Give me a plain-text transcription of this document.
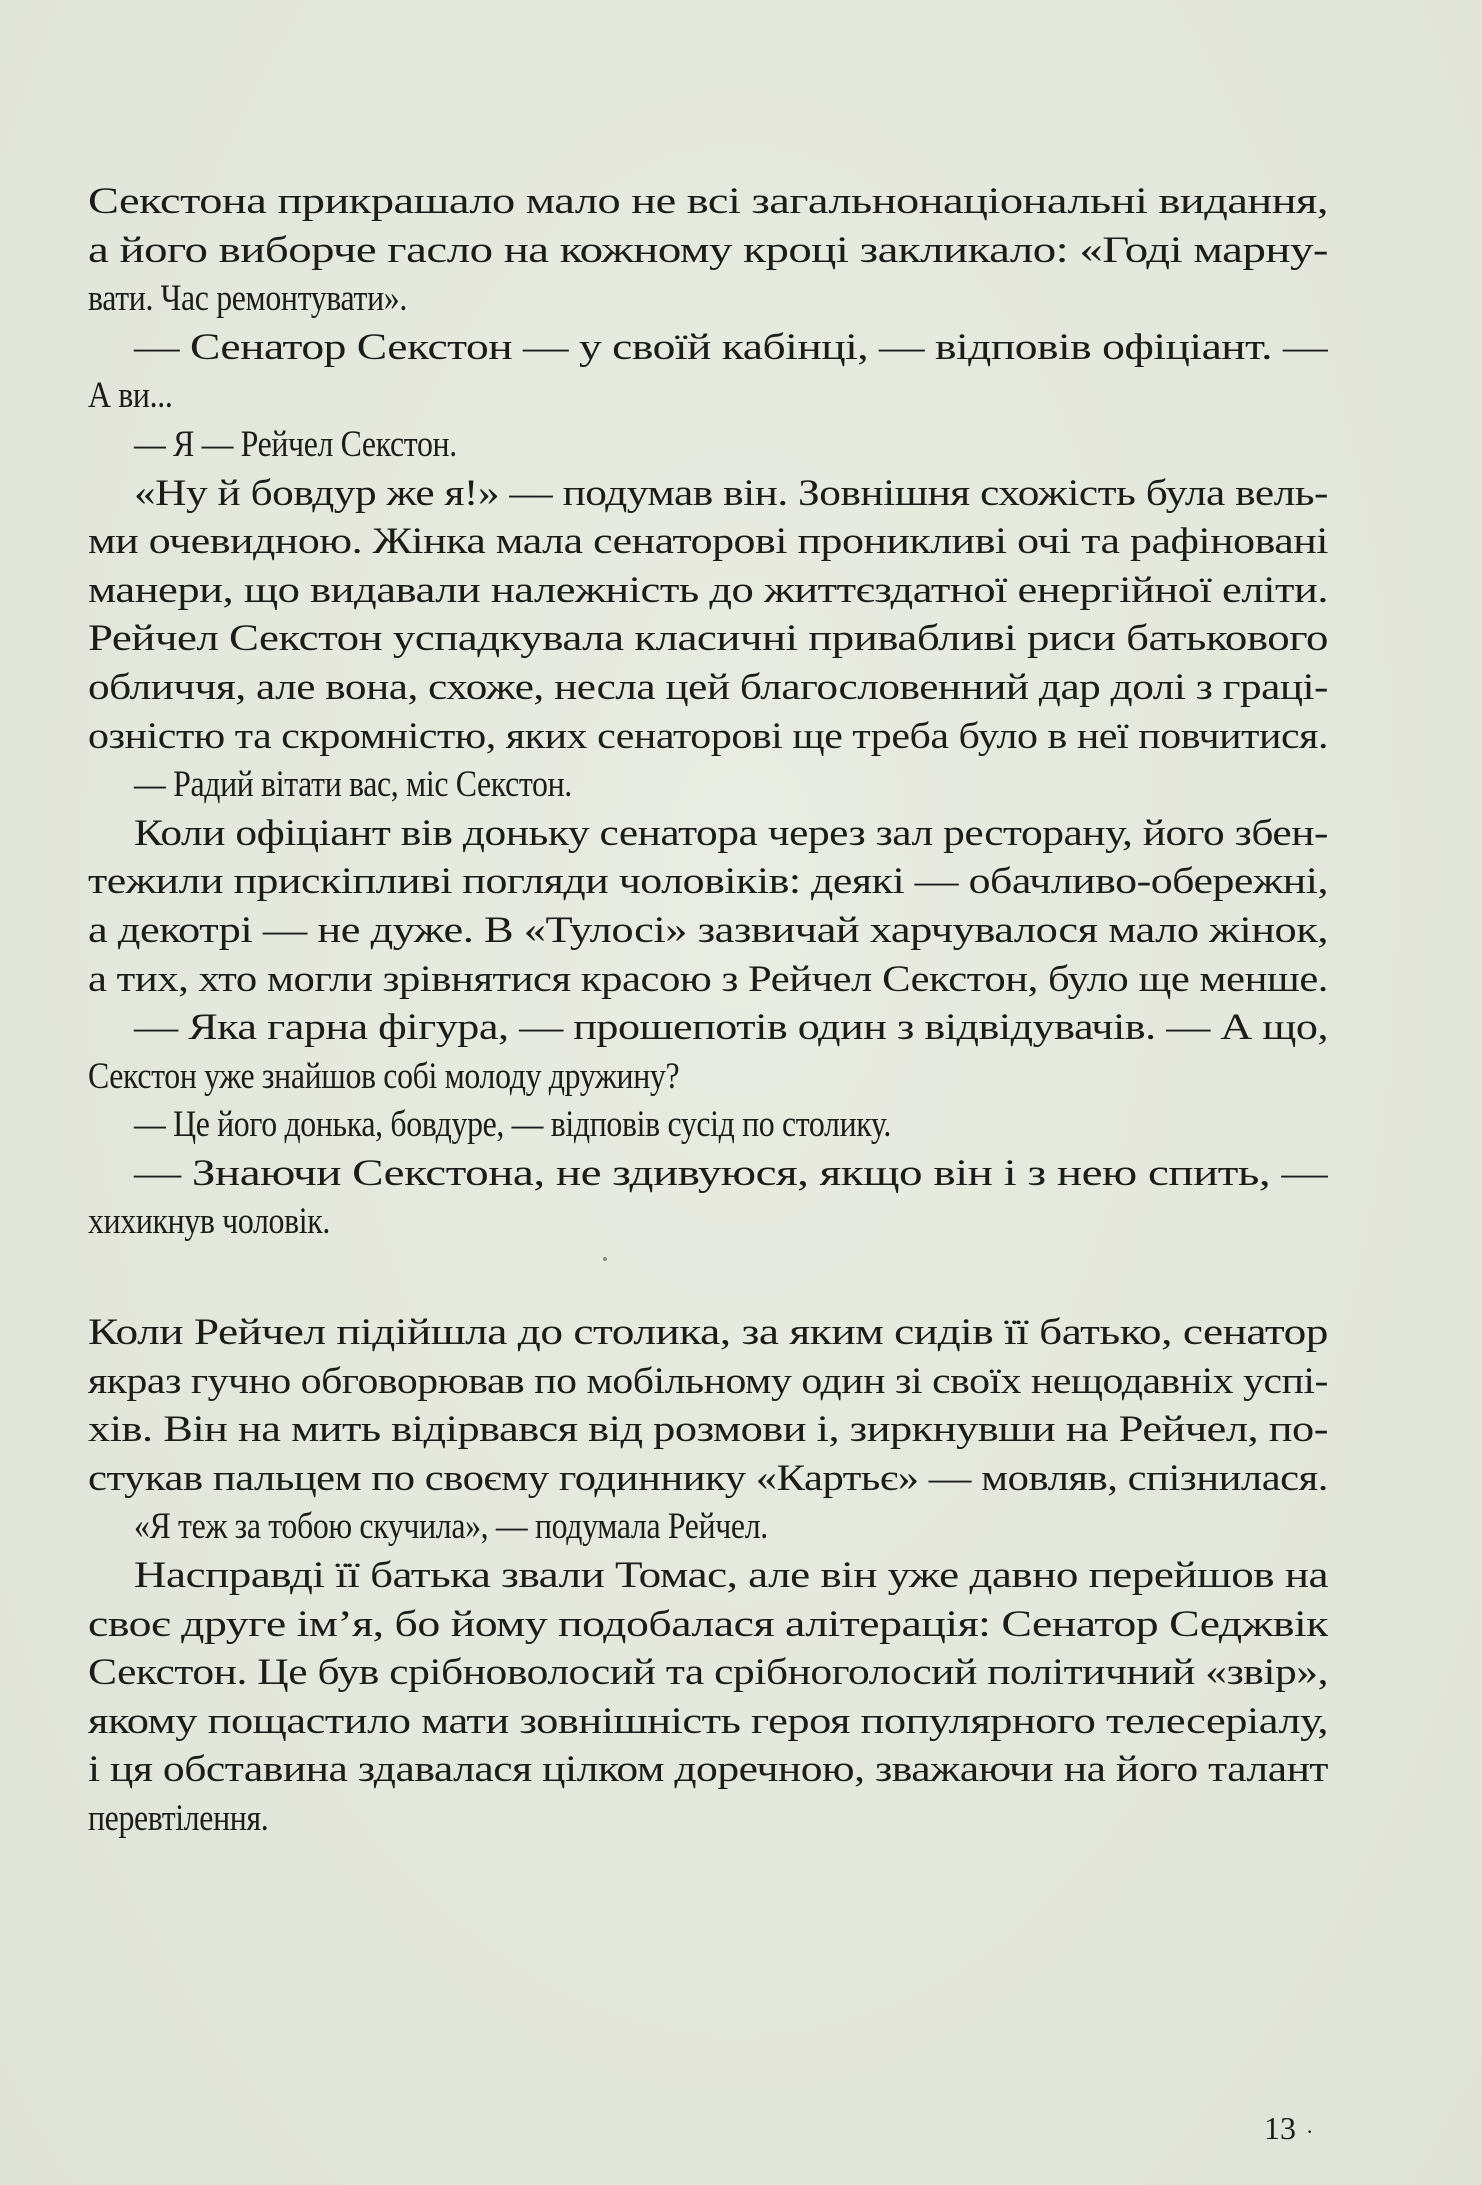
Секстона прикрашало мало не всі загальнонаціональні видання,
а його виборче гасло на кожному кроці закликало: «Годі марну-
вати. Час ремонтувати».
— Сенатор Секстон — у своїй кабінці, — відповів офіціант. —
А ви...
— Я — Рейчел Секстон.
«Ну й бовдур же я!» — подумав він. Зовнішня схожість була вель-
ми очевидною. Жінка мала сенаторові проникливі очі та рафіновані
манери, що видавали належність до життєздатної енергійної еліти.
Рейчел Секстон успадкувала класичні привабливі риси батькового
обличчя, але вона, схоже, несла цей благословенний дар долі з граці-
озністю та скромністю, яких сенаторові ще треба було в неї повчитися.
— Радий вітати вас, міс Секстон.
Коли офіціант вів доньку сенатора через зал ресторану, його збен-
тежили прискіпливі погляди чоловіків: деякі — обачливо-обережні,
а декотрі — не дуже. В «Тулосі» зазвичай харчувалося мало жінок,
а тих, хто могли зрівнятися красою з Рейчел Секстон, було ще менше.
— Яка гарна фігура, — прошепотів один з відвідувачів. — А що,
Секстон уже знайшов собі молоду дружину?
— Це його донька, бовдуре, — відповів сусід по столику.
— Знаючи Секстона, не здивуюся, якщо він і з нею спить, —
хихикнув чоловік.
Коли Рейчел підійшла до столика, за яким сидів її батько, сенатор
якраз гучно обговорював по мобільному один зі своїх нещодавніх успі-
хів. Він на мить відірвався від розмови і, зиркнувши на Рейчел, по-
стукав пальцем по своєму годиннику «Картьє» — мовляв, спізнилася.
«Я теж за тобою скучила», — подумала Рейчел.
Насправді її батька звали Томас, але він уже давно перейшов на
своє друге ім’я, бо йому подобалася алітерація: Сенатор Седжвік
Секстон. Це був срібноволосий та срібноголосий політичний «звір»,
якому пощастило мати зовнішність героя популярного телесеріалу,
і ця обставина здавалася цілком доречною, зважаючи на його талант
перевтілення.
13 ·
